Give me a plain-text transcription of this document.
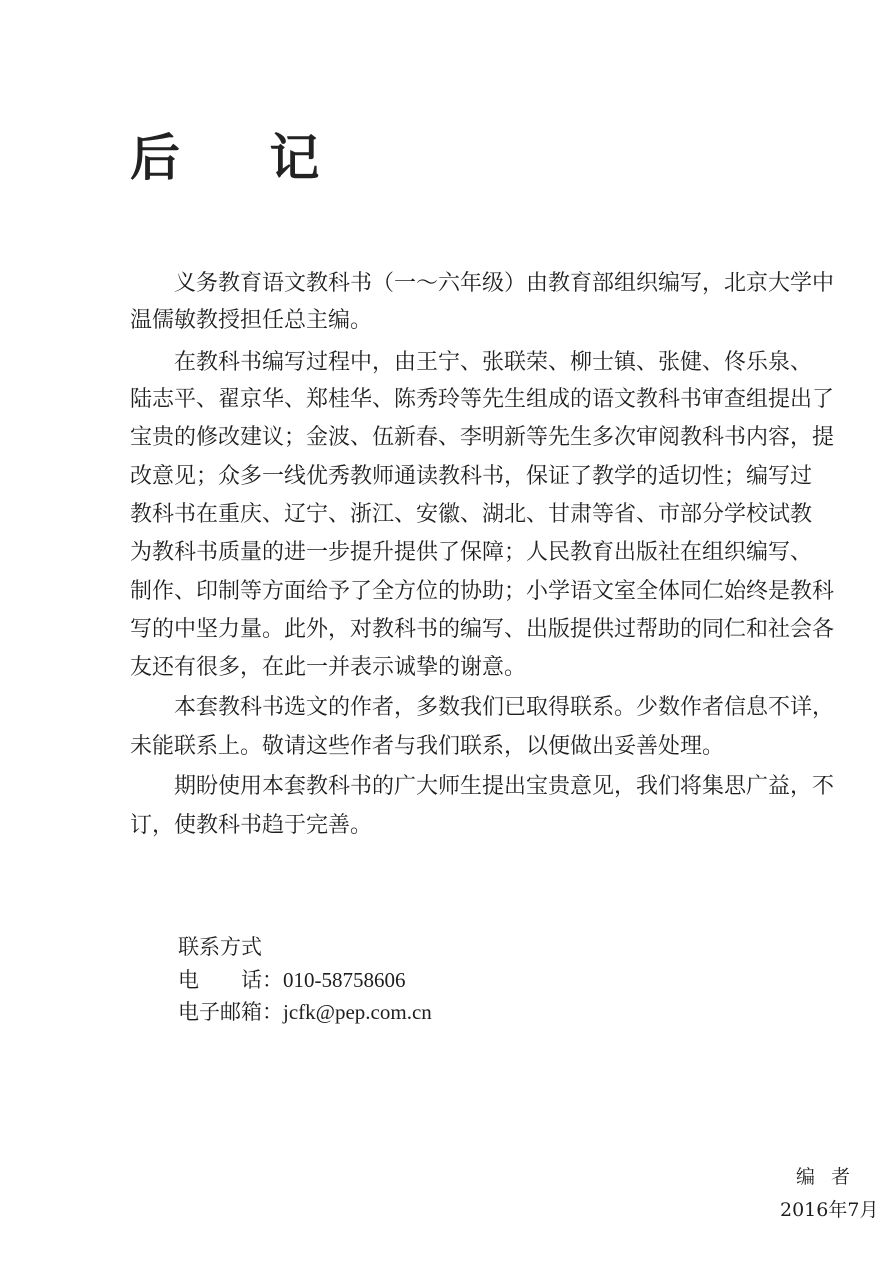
后 记

义务教育语文教科书（一～六年级）由教育部组织编写，北京大学中

温儒敏教授担任总主编。

在教科书编写过程中，由王宁、张联荣、柳士镇、张健、佟乐泉、

陆志平、翟京华、郑桂华、陈秀玲等先生组成的语文教科书审查组提出了

宝贵的修改建议；金波、伍新春、李明新等先生多次审阅教科书内容，提

改意见；众多一线优秀教师通读教科书，保证了教学的适切性；编写过

教科书在重庆、辽宁、浙江、安徽、湖北、甘肃等省、市部分学校试教

为教科书质量的进一步提升提供了保障；人民教育出版社在组织编写、

制作、印制等方面给予了全方位的协助；小学语文室全体同仁始终是教科

写的中坚力量。此外，对教科书的编写、出版提供过帮助的同仁和社会各

友还有很多，在此一并表示诚挚的谢意。

本套教科书选文的作者，多数我们已取得联系。少数作者信息不详，

未能联系上。敬请这些作者与我们联系，以便做出妥善处理。

期盼使用本套教科书的广大师生提出宝贵意见，我们将集思广益，不

订，使教科书趋于完善。

联系方式

电　　话：010-58758606

电子邮箱：jcfk@pep.com.cn

编者

2016年7月
